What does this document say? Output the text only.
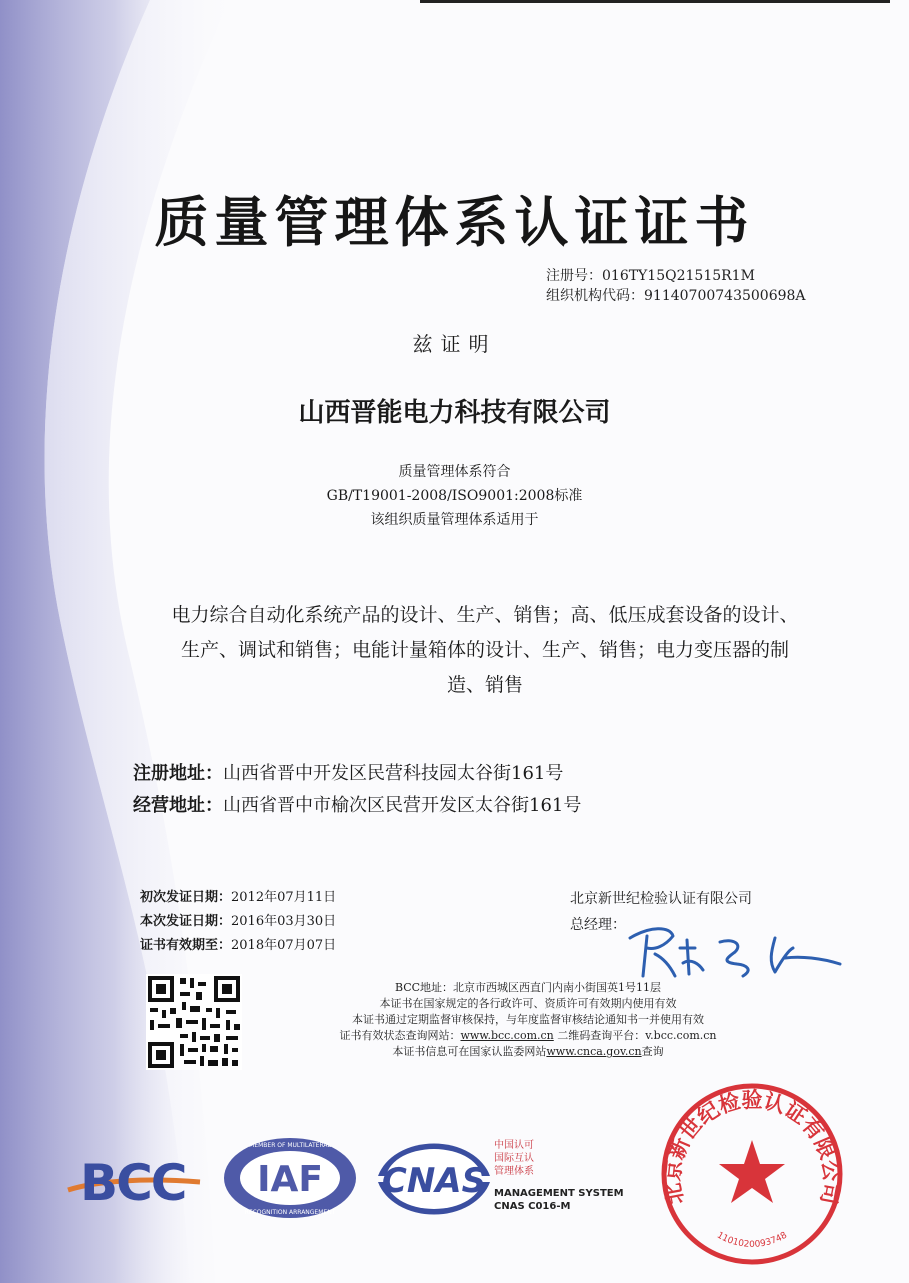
质量管理体系认证证书
注册号：016TY15Q21515R1M
组织机构代码：91140700743500698A
兹证明
山西晋能电力科技有限公司
质量管理体系符合
GB/T19001-2008/ISO9001:2008标准
该组织质量管理体系适用于
电力综合自动化系统产品的设计、生产、销售；高、低压成套设备的设计、
生产、调试和销售；电能计量箱体的设计、生产、销售；电力变压器的制
造、销售
注册地址：山西省晋中开发区民营科技园太谷街161号
经营地址：山西省晋中市榆次区民营开发区太谷街161号
初次发证日期：2012年07月11日
本次发证日期：2016年03月30日
证书有效期至：2018年07月07日
北京新世纪检验认证有限公司
总经理：
BCC地址：北京市西城区西直门内南小街国英1号11层
本证书在国家规定的各行政许可、资质许可有效期内使用有效
本证书通过定期监督审核保持，与年度监督审核结论通知书一并使用有效
证书有效状态查询网站：www.bcc.com.cn 二维码查询平台：v.bcc.com.cn
本证书信息可在国家认监委网站www.cnca.gov.cn查询
BCC IAF
MEMBER OF MULTILATERAL
RECOGNITION ARRANGEMENT
CNAS
中国认可
国际互认
管理体系
MANAGEMENT SYSTEM
CNAS C016-M
北京新世纪检验认证有限公司
1101020093748
